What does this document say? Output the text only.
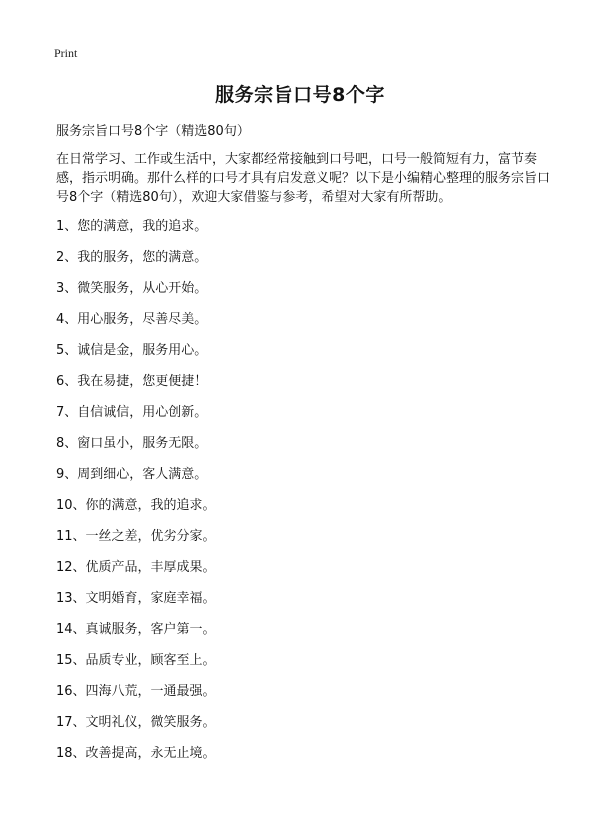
Print
服务宗旨口号8个字

服务宗旨口号8个字（精选80句）

在日常学习、工作或生活中，大家都经常接触到口号吧，口号一般简短有力，富节奏感，指示明确。那什么样的口号才具有启发意义呢？以下是小编精心整理的服务宗旨口号8个字（精选80句），欢迎大家借鉴与参考，希望对大家有所帮助。

1、您的满意，我的追求。
2、我的服务，您的满意。
3、微笑服务，从心开始。
4、用心服务，尽善尽美。
5、诚信是金，服务用心。
6、我在易捷，您更便捷！
7、自信诚信，用心创新。
8、窗口虽小，服务无限。
9、周到细心，客人满意。
10、你的满意，我的追求。
11、一丝之差，优劣分家。
12、优质产品，丰厚成果。
13、文明婚育，家庭幸福。
14、真诚服务，客户第一。
15、品质专业，顾客至上。
16、四海八荒，一通最强。
17、文明礼仪，微笑服务。
18、改善提高，永无止境。
